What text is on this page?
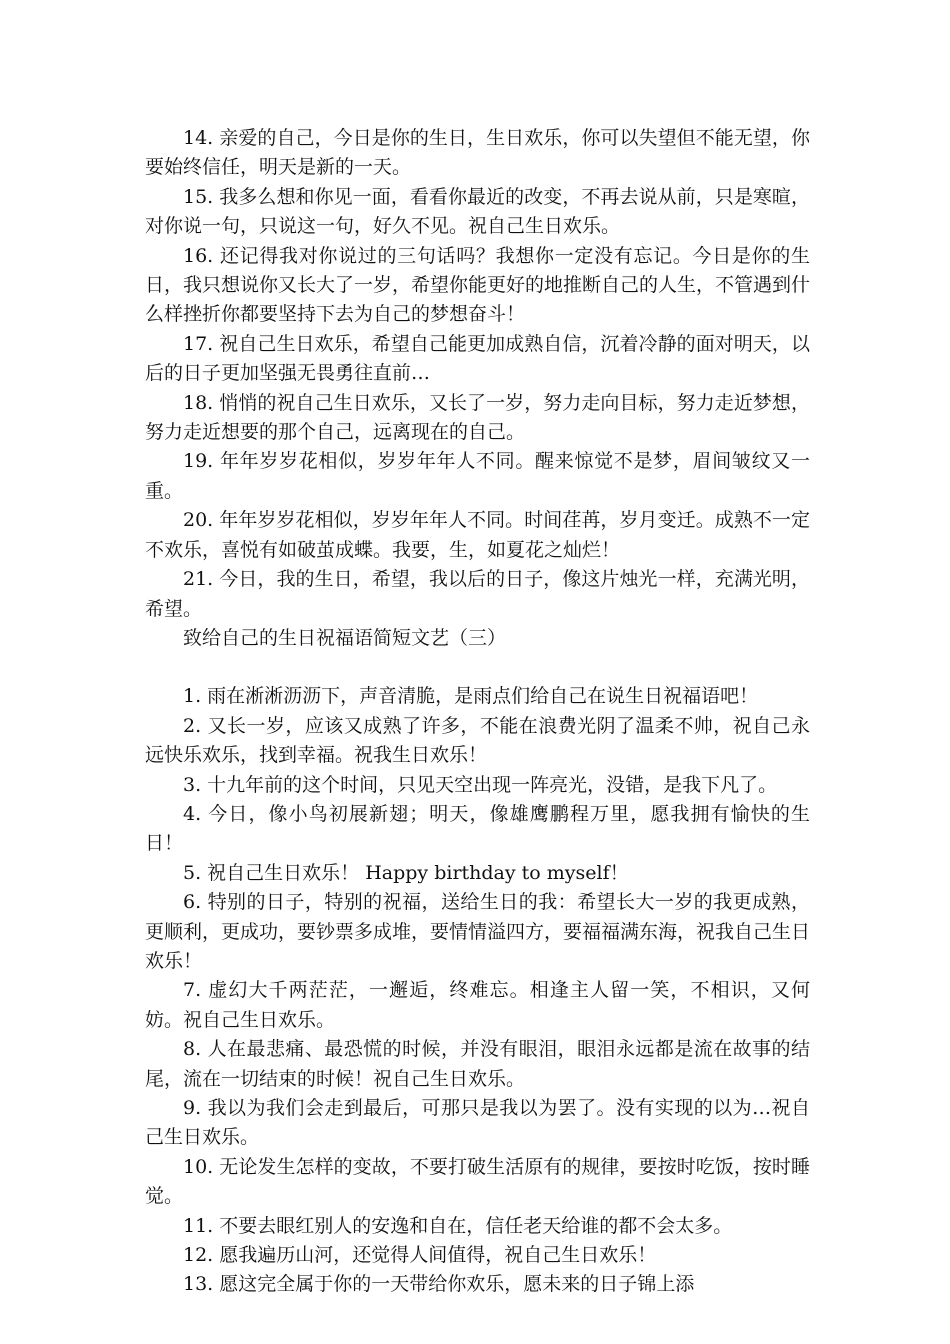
14. 亲爱的自己，今日是你的生日，生日欢乐，你可以失望但不能无望，你要始终信任，明天是新的一天。

15. 我多么想和你见一面，看看你最近的改变，不再去说从前，只是寒暄，对你说一句，只说这一句，好久不见。祝自己生日欢乐。

16. 还记得我对你说过的三句话吗？我想你一定没有忘记。今日是你的生日，我只想说你又长大了一岁，希望你能更好的地推断自己的人生，不管遇到什么样挫折你都要坚持下去为自己的梦想奋斗！

17. 祝自己生日欢乐，希望自己能更加成熟自信，沉着冷静的面对明天，以后的日子更加坚强无畏勇往直前…

18. 悄悄的祝自己生日欢乐，又长了一岁，努力走向目标，努力走近梦想，努力走近想要的那个自己，远离现在的自己。

19. 年年岁岁花相似，岁岁年年人不同。醒来惊觉不是梦，眉间皱纹又一重。

20. 年年岁岁花相似，岁岁年年人不同。时间荏苒，岁月变迁。成熟不一定不欢乐，喜悦有如破茧成蝶。我要，生，如夏花之灿烂！

21. 今日，我的生日，希望，我以后的日子，像这片烛光一样，充满光明，希望。

致给自己的生日祝福语简短文艺（三）

1. 雨在淅淅沥沥下，声音清脆，是雨点们给自己在说生日祝福语吧！

2. 又长一岁，应该又成熟了许多，不能在浪费光阴了温柔不帅，祝自己永远快乐欢乐，找到幸福。祝我生日欢乐！

3. 十九年前的这个时间，只见天空出现一阵亮光，没错，是我下凡了。

4. 今日，像小鸟初展新翅；明天，像雄鹰鹏程万里，愿我拥有愉快的生日！

5. 祝自己生日欢乐！ Happy birthday to myself！

6. 特别的日子，特别的祝福，送给生日的我：希望长大一岁的我更成熟，更顺利，更成功，要钞票多成堆，要情情溢四方，要福福满东海，祝我自己生日欢乐！

7. 虚幻大千两茫茫，一邂逅，终难忘。相逢主人留一笑，不相识，又何妨。祝自己生日欢乐。

8. 人在最悲痛、最恐慌的时候，并没有眼泪，眼泪永远都是流在故事的结尾，流在一切结束的时候！祝自己生日欢乐。

9. 我以为我们会走到最后，可那只是我以为罢了。没有实现的以为…祝自己生日欢乐。

10. 无论发生怎样的变故，不要打破生活原有的规律，要按时吃饭，按时睡觉。

11. 不要去眼红别人的安逸和自在，信任老天给谁的都不会太多。

12. 愿我遍历山河，还觉得人间值得，祝自己生日欢乐！

13. 愿这完全属于你的一天带给你欢乐，愿未来的日子锦上添
